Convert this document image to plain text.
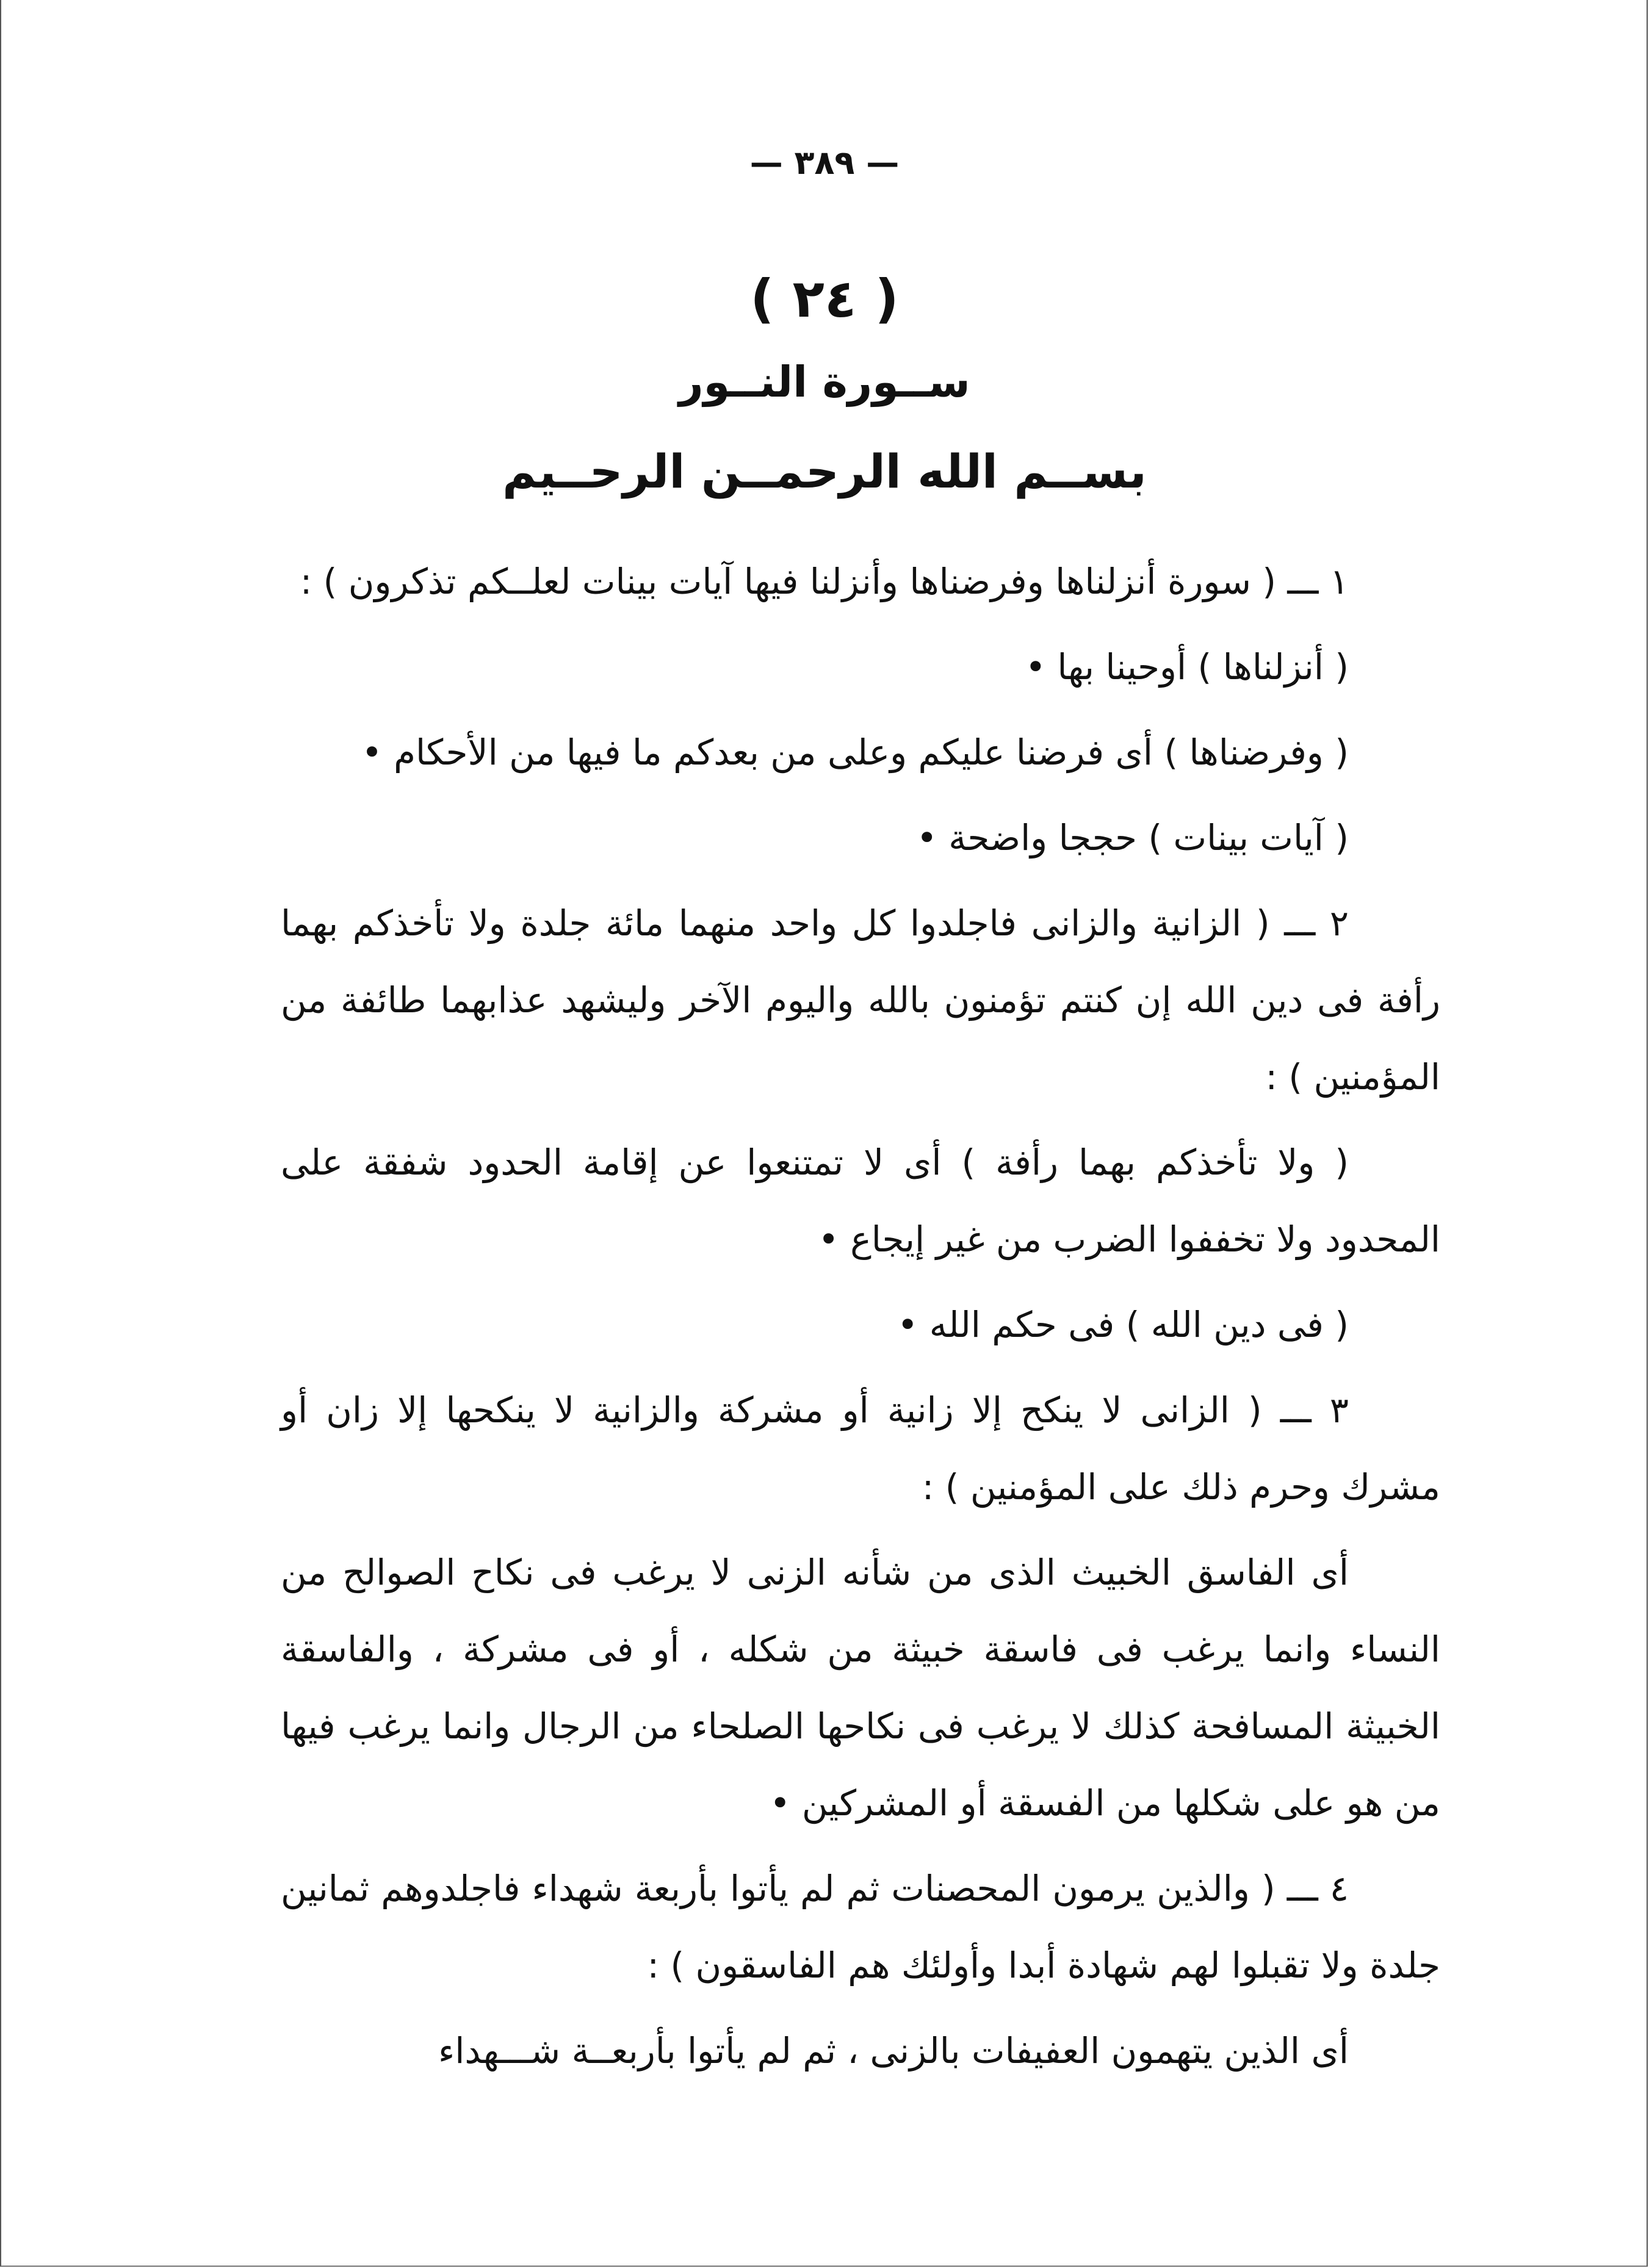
— ٣٨٩ —
( ٢٤ )
ســورة النــور
بســم الله الرحمــن الرحــيم

١ ـــ ( سورة أنزلناها وفرضناها وأنزلنا فيها آيات بينات لعلــكم تذكرون ) :

( أنزلناها ) أوحينا بها •

( وفرضناها ) أى فرضنا عليكم وعلى من بعدكم ما فيها من الأحكام •

( آيات بينات ) حججا واضحة •

٢ ـــ ( الزانية والزانى فاجلدوا كل واحد منهما مائة جلدة ولا تأخذكم بهما رأفة فى دين الله إن كنتم تؤمنون بالله واليوم الآخر وليشهد عذابهما طائفة من المؤمنين ) :

( ولا تأخذكم بهما رأفة ) أى لا تمتنعوا عن إقامة الحدود شفقة على المحدود ولا تخففوا الضرب من غير إيجاع •

( فى دين الله ) فى حكم الله •

٣ ـــ ( الزانى لا ينكح إلا زانية أو مشركة والزانية لا ينكحها إلا زان أو مشرك وحرم ذلك على المؤمنين ) :

أى الفاسق الخبيث الذى من شأنه الزنى لا يرغب فى نكاح الصوالح من النساء وانما يرغب فى فاسقة خبيثة من شكله ، أو فى مشركة ، والفاسقة الخبيثة المسافحة كذلك لا يرغب فى نكاحها الصلحاء من الرجال وانما يرغب فيها من هو على شكلها من الفسقة أو المشركين •

٤ ـــ ( والذين يرمون المحصنات ثم لم يأتوا بأربعة شهداء فاجلدوهم ثمانين جلدة ولا تقبلوا لهم شهادة أبدا وأولئك هم الفاسقون ) :

أى الذين يتهمون العفيفات بالزنى ، ثم لم يأتوا بأربعــة شـــهداء
